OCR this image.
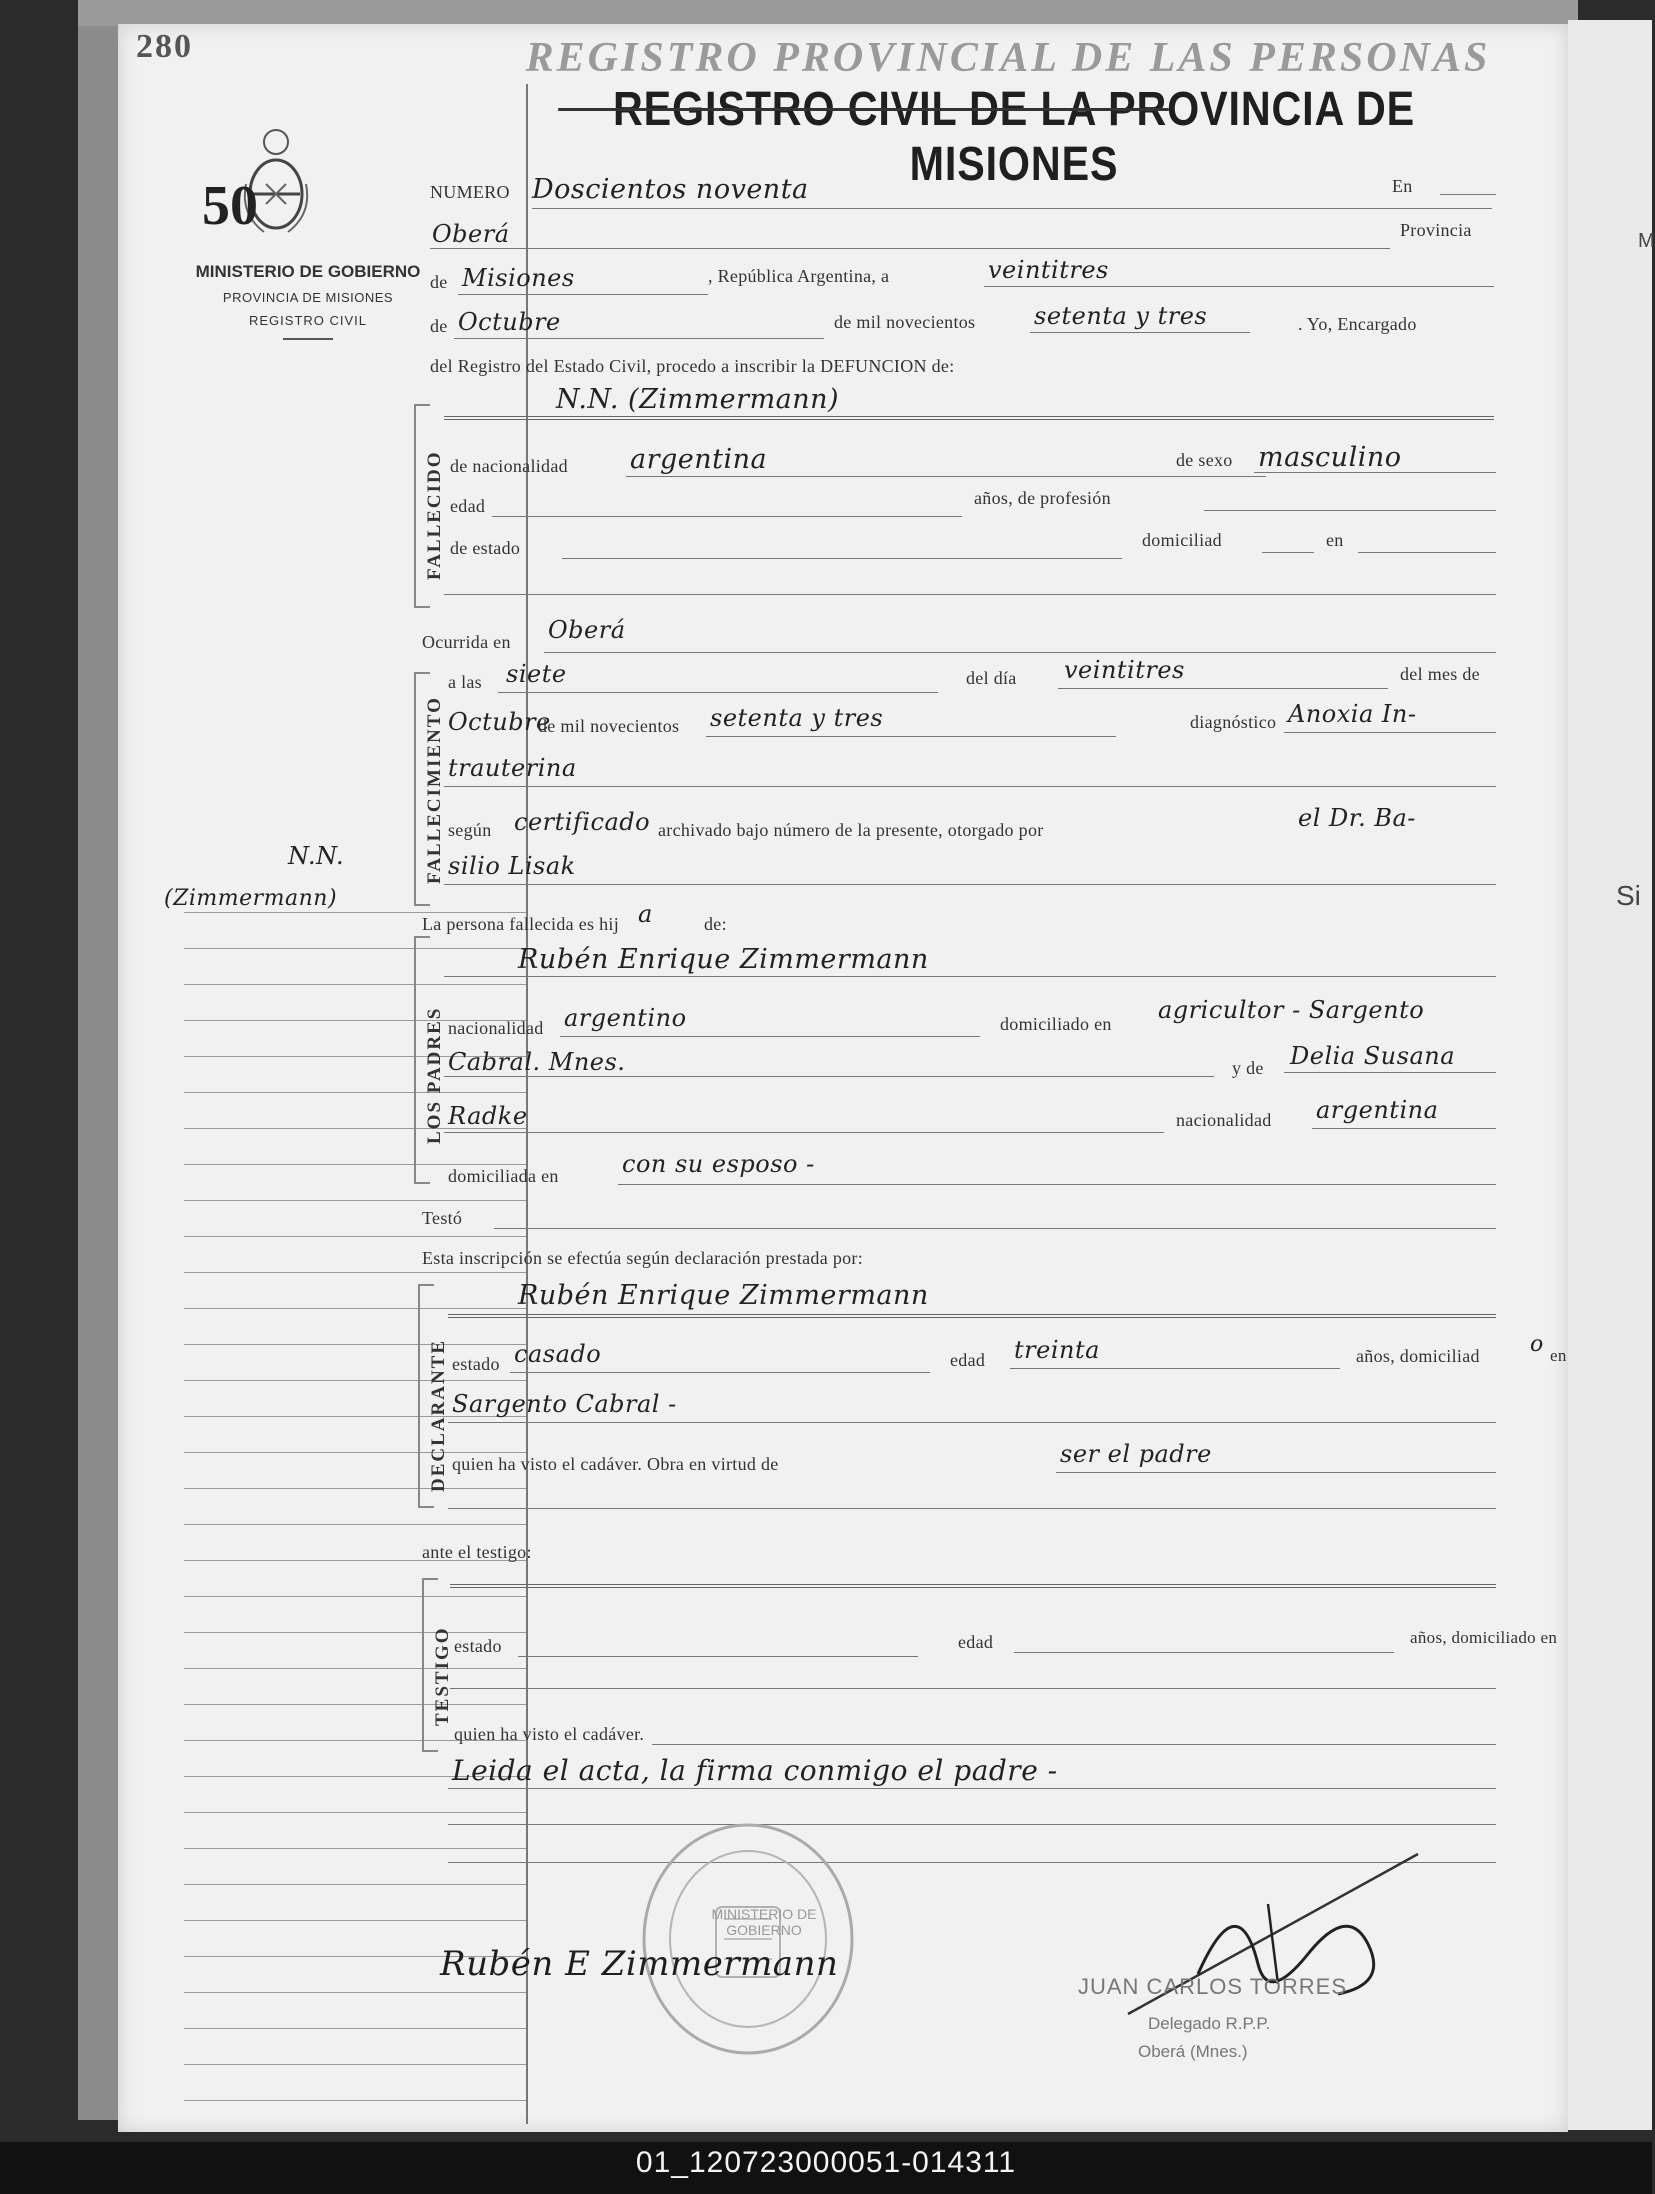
M
Si
280
50
MINISTERIO DE GOBIERNO
PROVINCIA DE MISIONES
REGISTRO CIVIL
N.N.
(Zimmermann)
REGISTRO PROVINCIAL DE LAS PERSONAS
REGISTRO CIVIL DE LA PROVINCIA DE MISIONES
NUMERO Doscientos noventa	En
Oberá	Provincia
de Misiones	, República Argentina, a	veintitres
de Octubre	de mil novecientos setenta y tres	. Yo, Encargado
del Registro del Estado Civil, procedo a inscribir la DEFUNCION de:
FALLECIDO
N.N. (Zimmermann)
de nacionalidad argentina	de sexo masculino
edad	años, de profesión
de estado	domiciliad	en
Ocurrida en Oberá
FALLECIMIENTO
a las siete	del día veintitres	del mes de
Octubre
de mil novecientos setenta y tres	diagnóstico Anoxia In-
trauterina
según certificado archivado bajo número de la presente, otorgado por	el Dr. Ba-
silio Lisak
La persona fallecida es hij a	de:
LOS PADRES
Rubén Enrique Zimmermann
nacionalidad argentino	domiciliado en agricultor - Sargento
Cabral. Mnes.	y de Delia Susana
Radke	nacionalidad argentina
domiciliada en	con su esposo -
Testó
Esta inscripción se efectúa según declaración prestada por:
DECLARANTE
Rubén Enrique Zimmermann
estado casado	edad treinta	años, domiciliad o en
Sargento Cabral -
quien ha visto el cadáver. Obra en virtud de	ser el padre
ante el testigo:
TESTIGO estado	edad	años, domiciliado en
quien ha visto el cadáver.
Leida el acta, la firma conmigo el padre -
MINISTERIO DE GOBIERNO
Rubén E Zimmermann
JUAN CARLOS TORRES
Delegado R.P.P.
Oberá (Mnes.)
01_120723000051-014311
